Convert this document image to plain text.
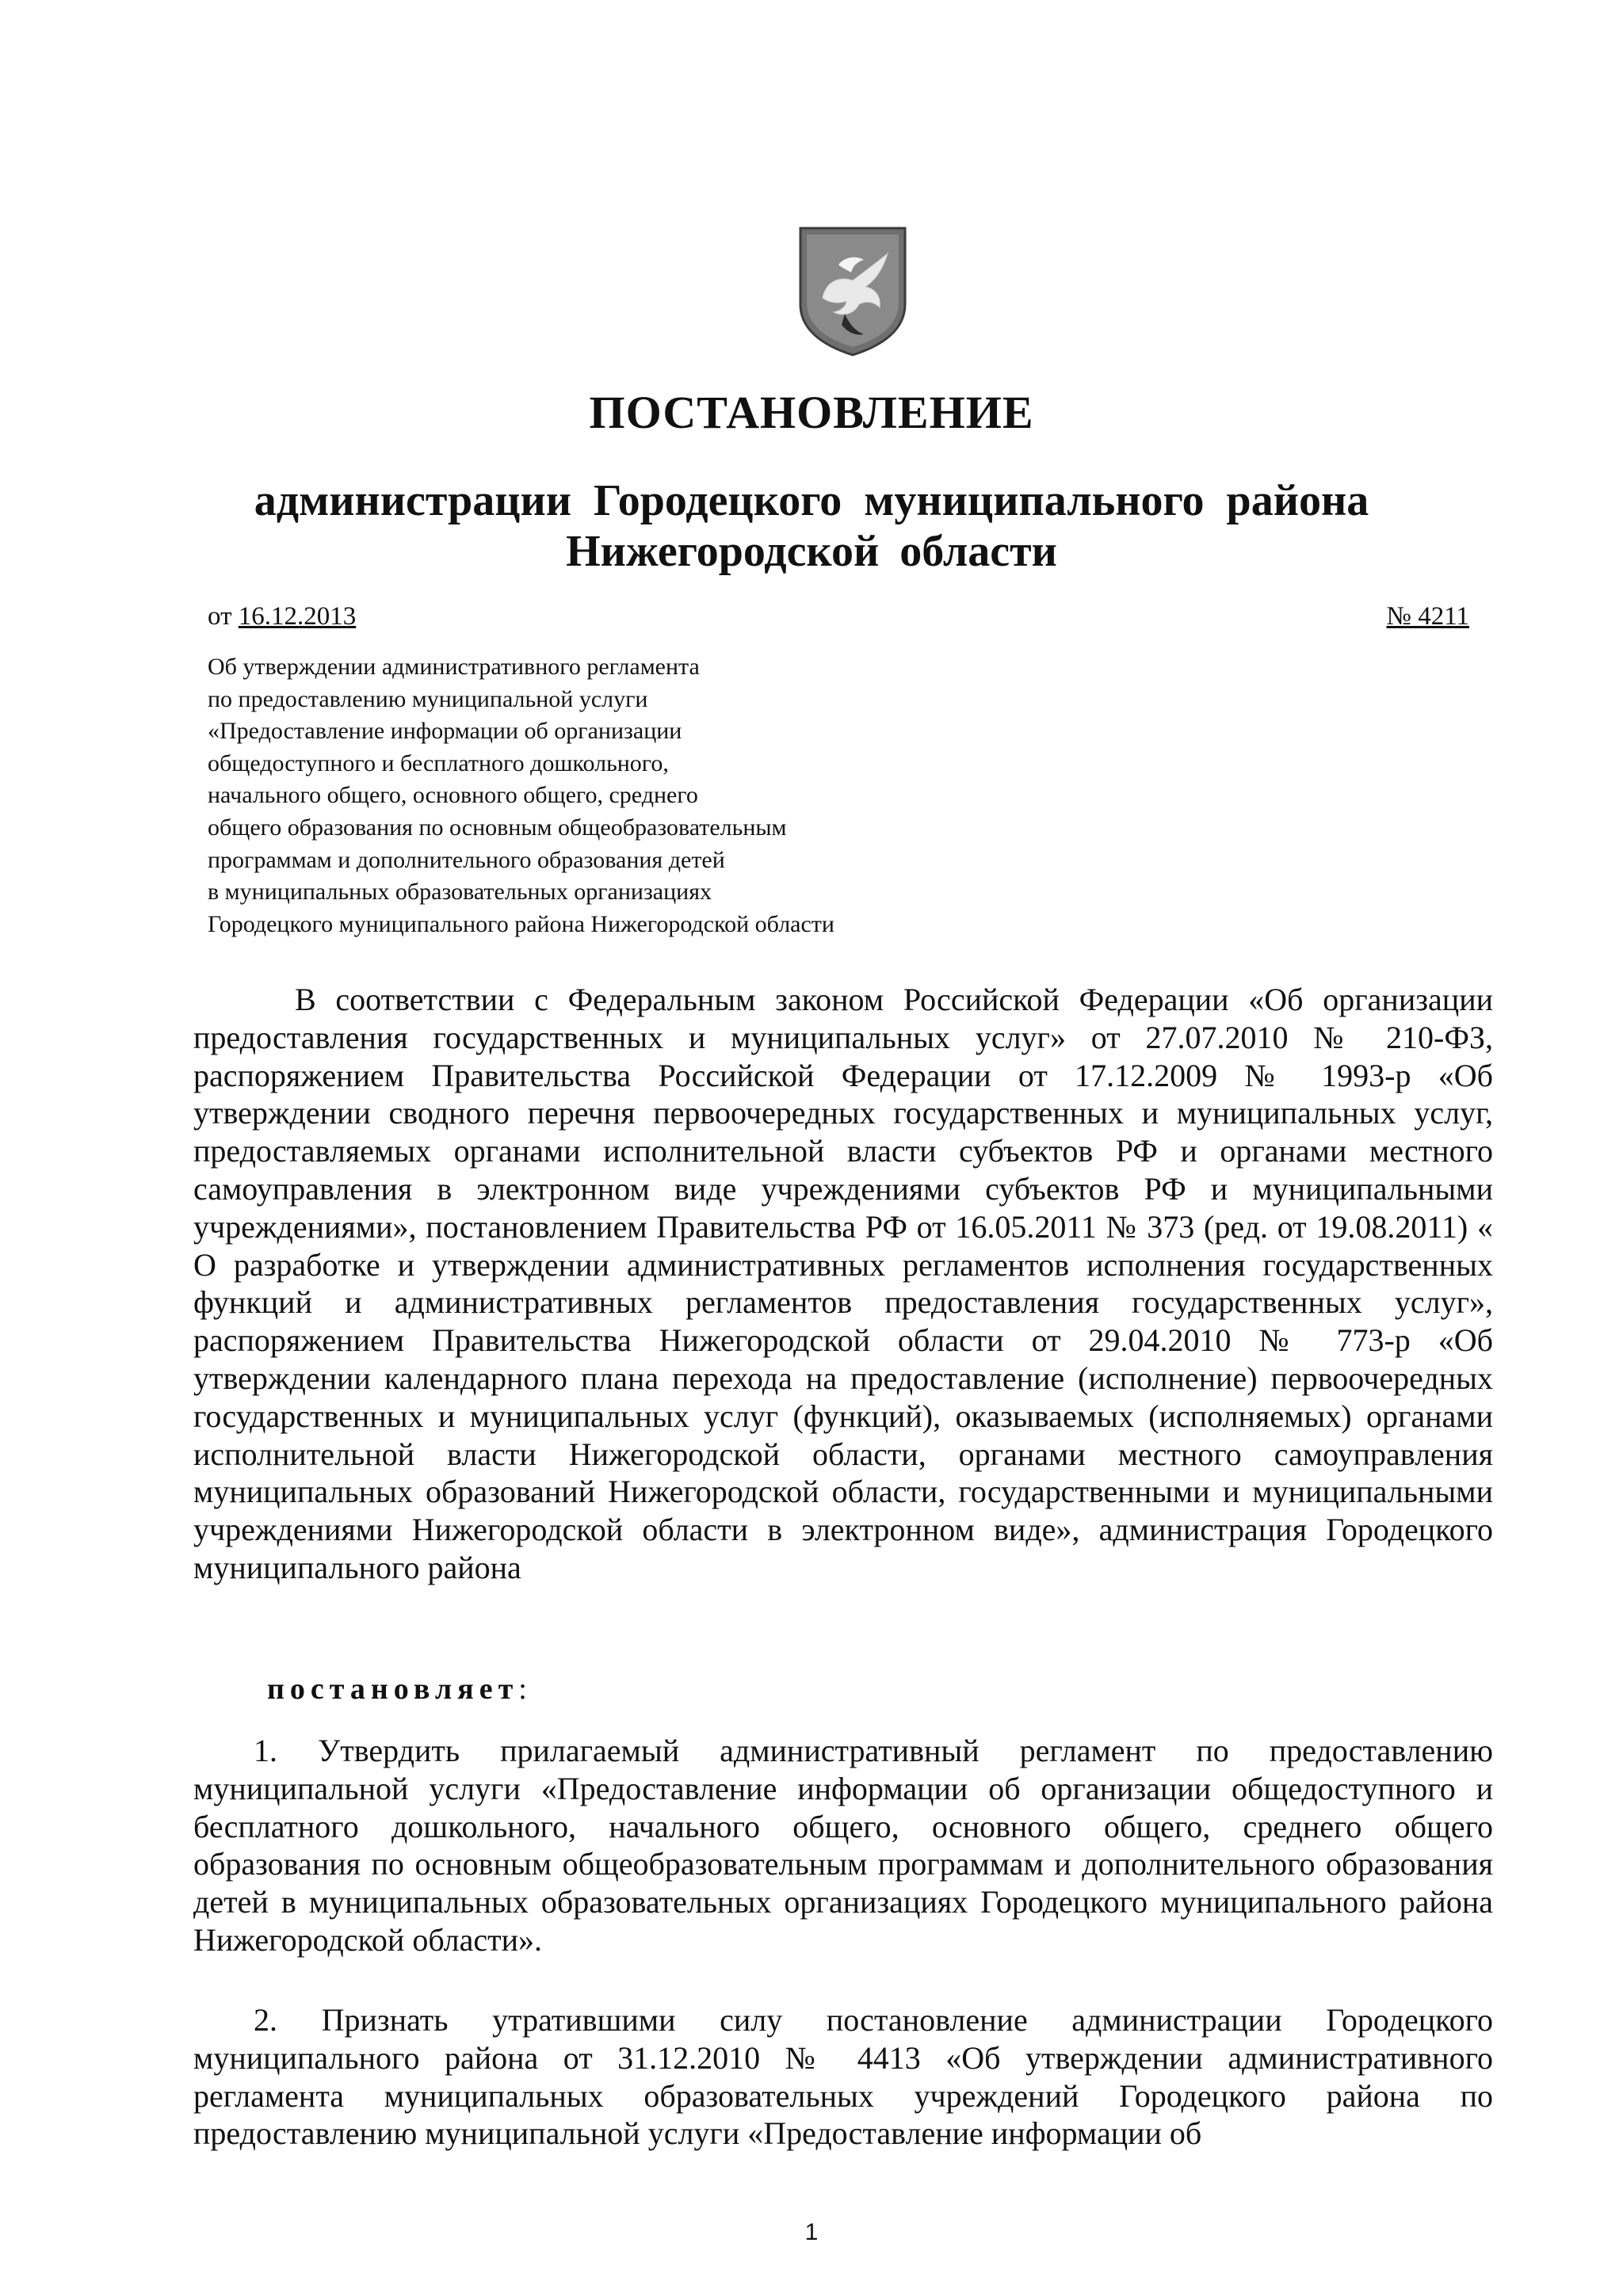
ПОСТАНОВЛЕНИЕ
администрации Городецкого муниципального района
Нижегородской области
от 16.12.2013	№ 4211
Об утверждении административного регламента
по предоставлению муниципальной услуги
«Предоставление информации об организации
общедоступного и бесплатного дошкольного,
начального общего, основного общего, среднего
общего образования по основным общеобразовательным
программам и дополнительного образования детей
в муниципальных образовательных организациях
Городецкого муниципального района Нижегородской области
В соответствии с Федеральным законом Российской Федерации «Об организации предоставления государственных и муниципальных услуг» от 27.07.2010 № 210-ФЗ, распоряжением Правительства Российской Федерации от 17.12.2009 № 1993-р «Об утверждении сводного перечня первоочередных государственных и муниципальных услуг, предоставляемых органами исполнительной власти субъектов РФ и органами местного самоуправления в электронном виде учреждениями субъектов РФ и муниципальными учреждениями», постановлением Правительства РФ от 16.05.2011 № 373 (ред. от 19.08.2011) « О разработке и утверждении административных регламентов исполнения государственных функций и административных регламентов предоставления государственных услуг», распоряжением Правительства Нижегородской области от 29.04.2010 № 773-р «Об утверждении календарного плана перехода на предоставление (исполнение) первоочередных государственных и муниципальных услуг (функций), оказываемых (исполняемых) органами исполнительной власти Нижегородской области, органами местного самоуправления муниципальных образований Нижегородской области, государственными и муниципальными учреждениями Нижегородской области в электронном виде», администрация Городецкого муниципального района
постановляет:
1. Утвердить прилагаемый административный регламент по предоставлению муниципальной услуги «Предоставление информации об организации общедоступного и бесплатного дошкольного, начального общего, основного общего, среднего общего образования по основным общеобразовательным программам и дополнительного образования детей в муниципальных образовательных организациях Городецкого муниципального района Нижегородской области».
2. Признать утратившими силу постановление администрации Городецкого муниципального района от 31.12.2010 № 4413 «Об утверждении административного регламента муниципальных образовательных учреждений Городецкого района по предоставлению муниципальной услуги «Предоставление информации об
1
